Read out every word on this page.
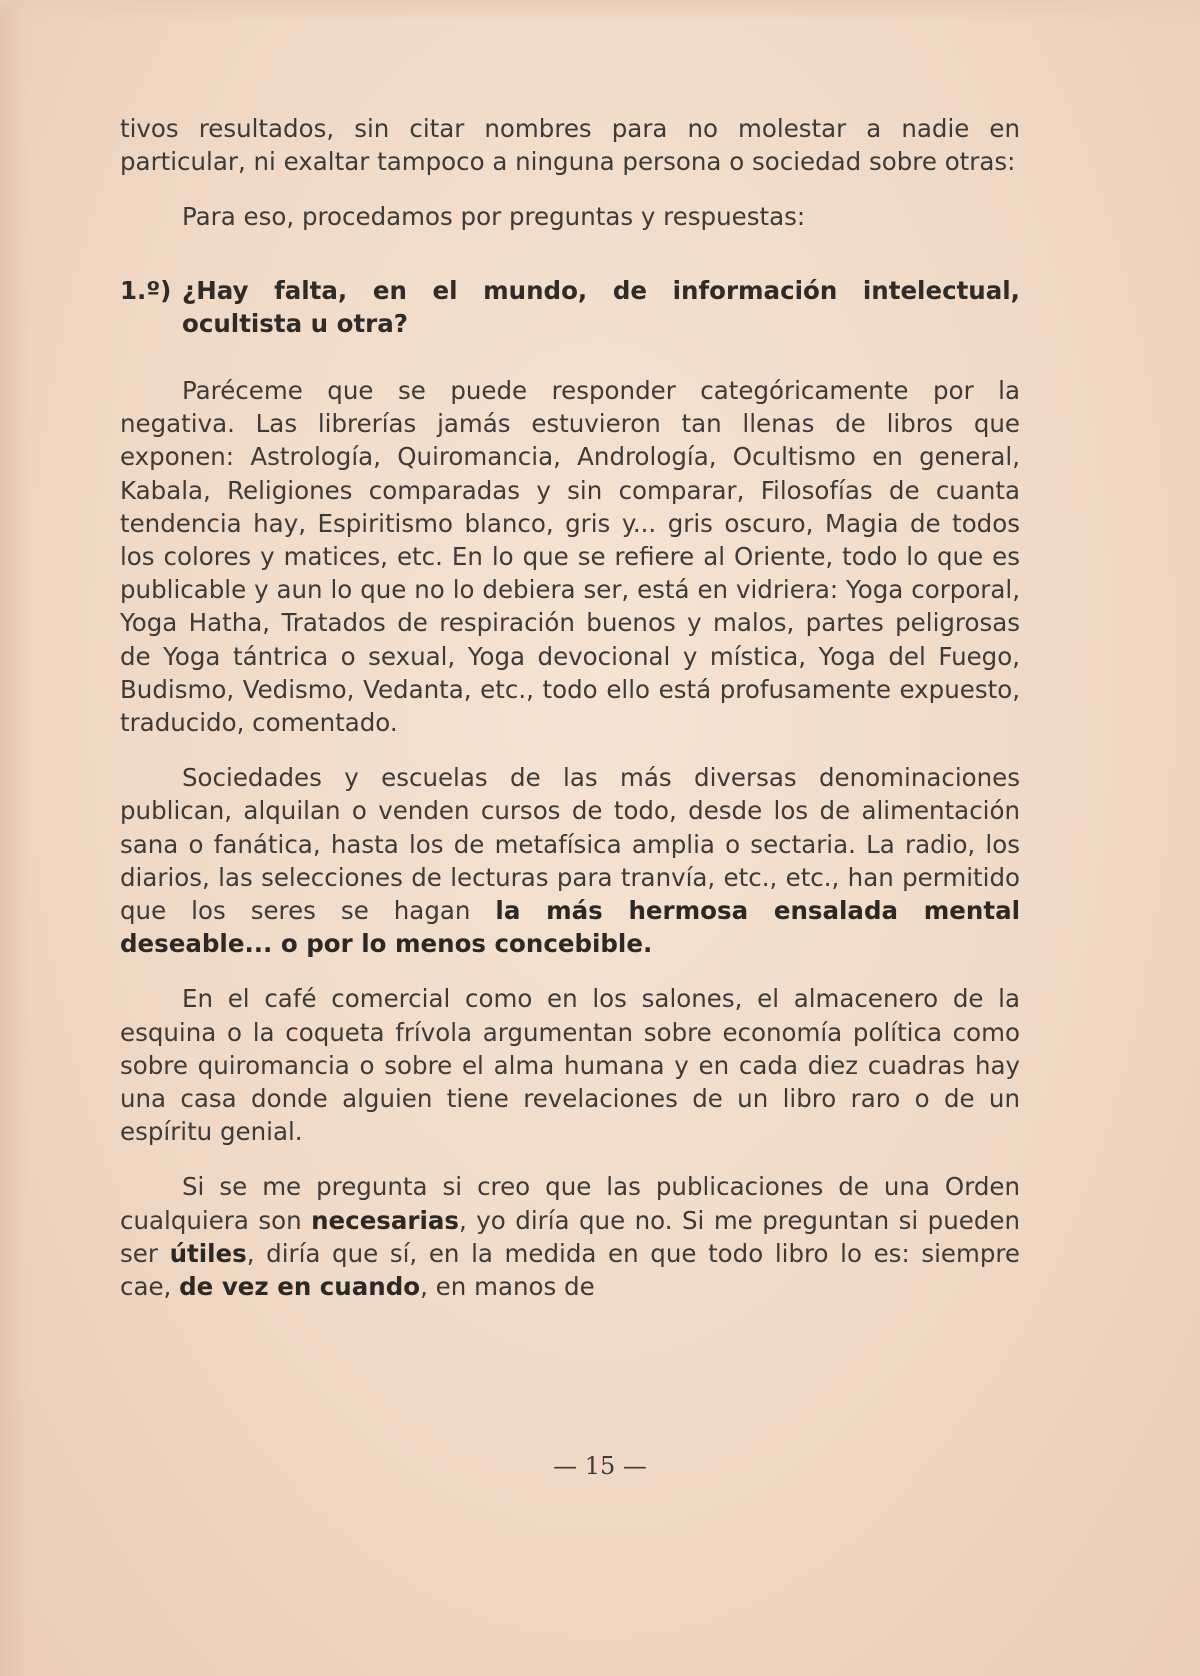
tivos resultados, sin citar nombres para no molestar a nadie en particular, ni exaltar tampoco a ninguna persona o sociedad sobre otras:

Para eso, procedamos por preguntas y respuestas:

1.º) ¿Hay falta, en el mundo, de información intelectual, ocultista u otra?

Paréceme que se puede responder categóricamente por la negativa. Las librerías jamás estuvieron tan llenas de libros que exponen: Astrología, Quiromancia, Andrología, Ocultismo en general, Kabala, Religiones comparadas y sin comparar, Filosofías de cuanta tendencia hay, Espiritismo blanco, gris y... gris oscuro, Magia de todos los colores y matices, etc. En lo que se refiere al Oriente, todo lo que es publicable y aun lo que no lo debiera ser, está en vidriera: Yoga corporal, Yoga Hatha, Tratados de respiración buenos y malos, partes peligrosas de Yoga tántrica o sexual, Yoga devocional y mística, Yoga del Fuego, Budismo, Vedismo, Vedanta, etc., todo ello está profusamente expuesto, traducido, comentado.

Sociedades y escuelas de las más diversas denominaciones publican, alquilan o venden cursos de todo, desde los de alimentación sana o fanática, hasta los de metafísica amplia o sectaria. La radio, los diarios, las selecciones de lecturas para tranvía, etc., etc., han permitido que los seres se hagan la más hermosa ensalada mental deseable... o por lo menos concebible.

En el café comercial como en los salones, el almacenero de la esquina o la coqueta frívola argumentan sobre economía política como sobre quiromancia o sobre el alma humana y en cada diez cuadras hay una casa donde alguien tiene revelaciones de un libro raro o de un espíritu genial.

Si se me pregunta si creo que las publicaciones de una Orden cualquiera son necesarias, yo diría que no. Si me preguntan si pueden ser útiles, diría que sí, en la medida en que todo libro lo es: siempre cae, de vez en cuando, en manos de

— 15 —
